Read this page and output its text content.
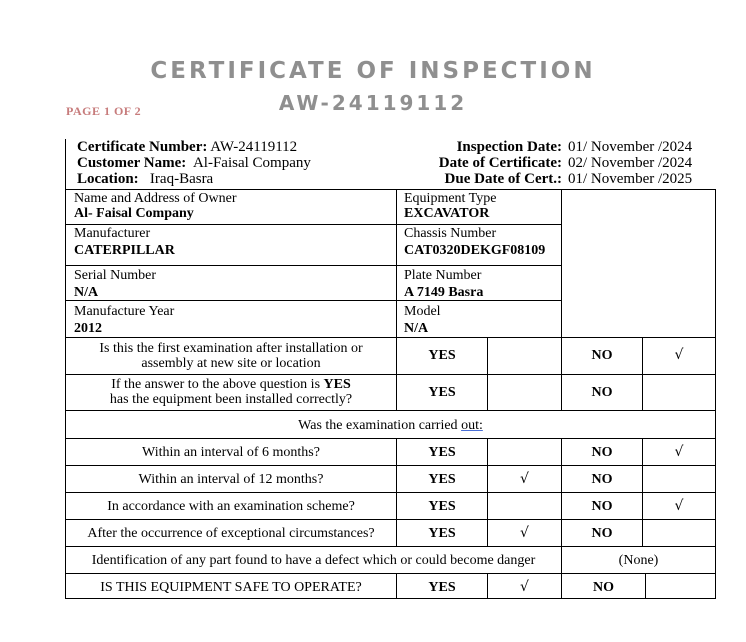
CERTIFICATE OF INSPECTION
AW-24119112
PAGE 1 OF 2
Certificate Number: AW-24119112
Customer Name: Al-Faisal Company
Location: Iraq-Basra
Inspection Date: 01/ November /2024
Date of Certificate: 02/ November /2024
Due Date of Cert.: 01/ November /2025
Name and Address of Owner
Al- Faisal Company
Equipment Type
EXCAVATOR
Manufacturer
CATERPILLAR
Chassis Number
CAT0320DEKGF08109
Serial Number
N/A
Plate Number
A 7149 Basra
Manufacture Year
2012
Model
N/A
Is this the first examination after installation or
assembly at new site or location
YES	NO	√
If the answer to the above question is YES
has the equipment been installed correctly?	YES	NO
Was the examination carried out:
Within an interval of 6 months?	YES	NO	√
Within an interval of 12 months?	YES	√	NO
In accordance with an examination scheme?	YES	NO	√
After the occurrence of exceptional circumstances?	YES	√	NO
Identification of any part found to have a defect which or could become danger	(None)
IS THIS EQUIPMENT SAFE TO OPERATE?	YES	√	NO
